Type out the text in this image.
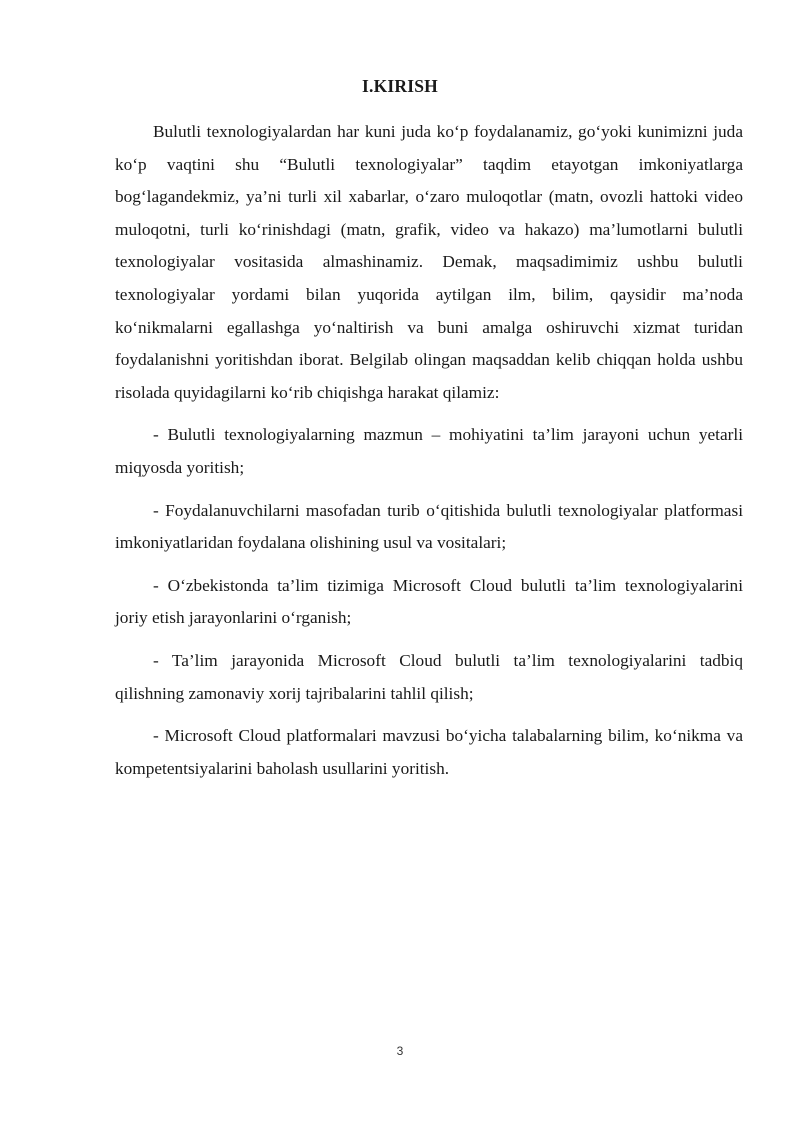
I.KIRISH

Bulutli texnologiyalardan har kuni juda ko‘p foydalanamiz, go‘yoki kunimizni juda ko‘p vaqtini shu “Bulutli texnologiyalar” taqdim etayotgan imkoniyatlarga bog‘lagandekmiz, ya’ni turli xil xabarlar, o‘zaro muloqotlar (matn, ovozli hattoki video muloqotni, turli ko‘rinishdagi (matn, grafik, video va hakazo) ma’lumotlarni bulutli texnologiyalar vositasida almashinamiz. Demak, maqsadimimiz ushbu bulutli texnologiyalar yordami bilan yuqorida aytilgan ilm, bilim, qaysidir ma’noda ko‘nikmalarni egallashga yo‘naltirish va buni amalga oshiruvchi xizmat turidan foydalanishni yoritishdan iborat. Belgilab olingan maqsaddan kelib chiqqan holda ushbu risolada quyidagilarni ko‘rib chiqishga harakat qilamiz:

- Bulutli texnologiyalarning mazmun – mohiyatini ta’lim jarayoni uchun yetarli miqyosda yoritish;

- Foydalanuvchilarni masofadan turib o‘qitishida bulutli texnologiyalar platformasi imkoniyatlaridan foydalana olishining usul va vositalari;

- O‘zbekistonda ta’lim tizimiga Microsoft Cloud bulutli ta’lim texnologiyalarini joriy etish jarayonlarini o‘rganish;

- Ta’lim jarayonida Microsoft Cloud bulutli ta’lim texnologiyalarini tadbiq qilishning zamonaviy xorij tajribalarini tahlil qilish;

- Microsoft Cloud platformalari mavzusi bo‘yicha talabalarning bilim, ko‘nikma va kompetentsiyalarini baholash usullarini yoritish.

3
